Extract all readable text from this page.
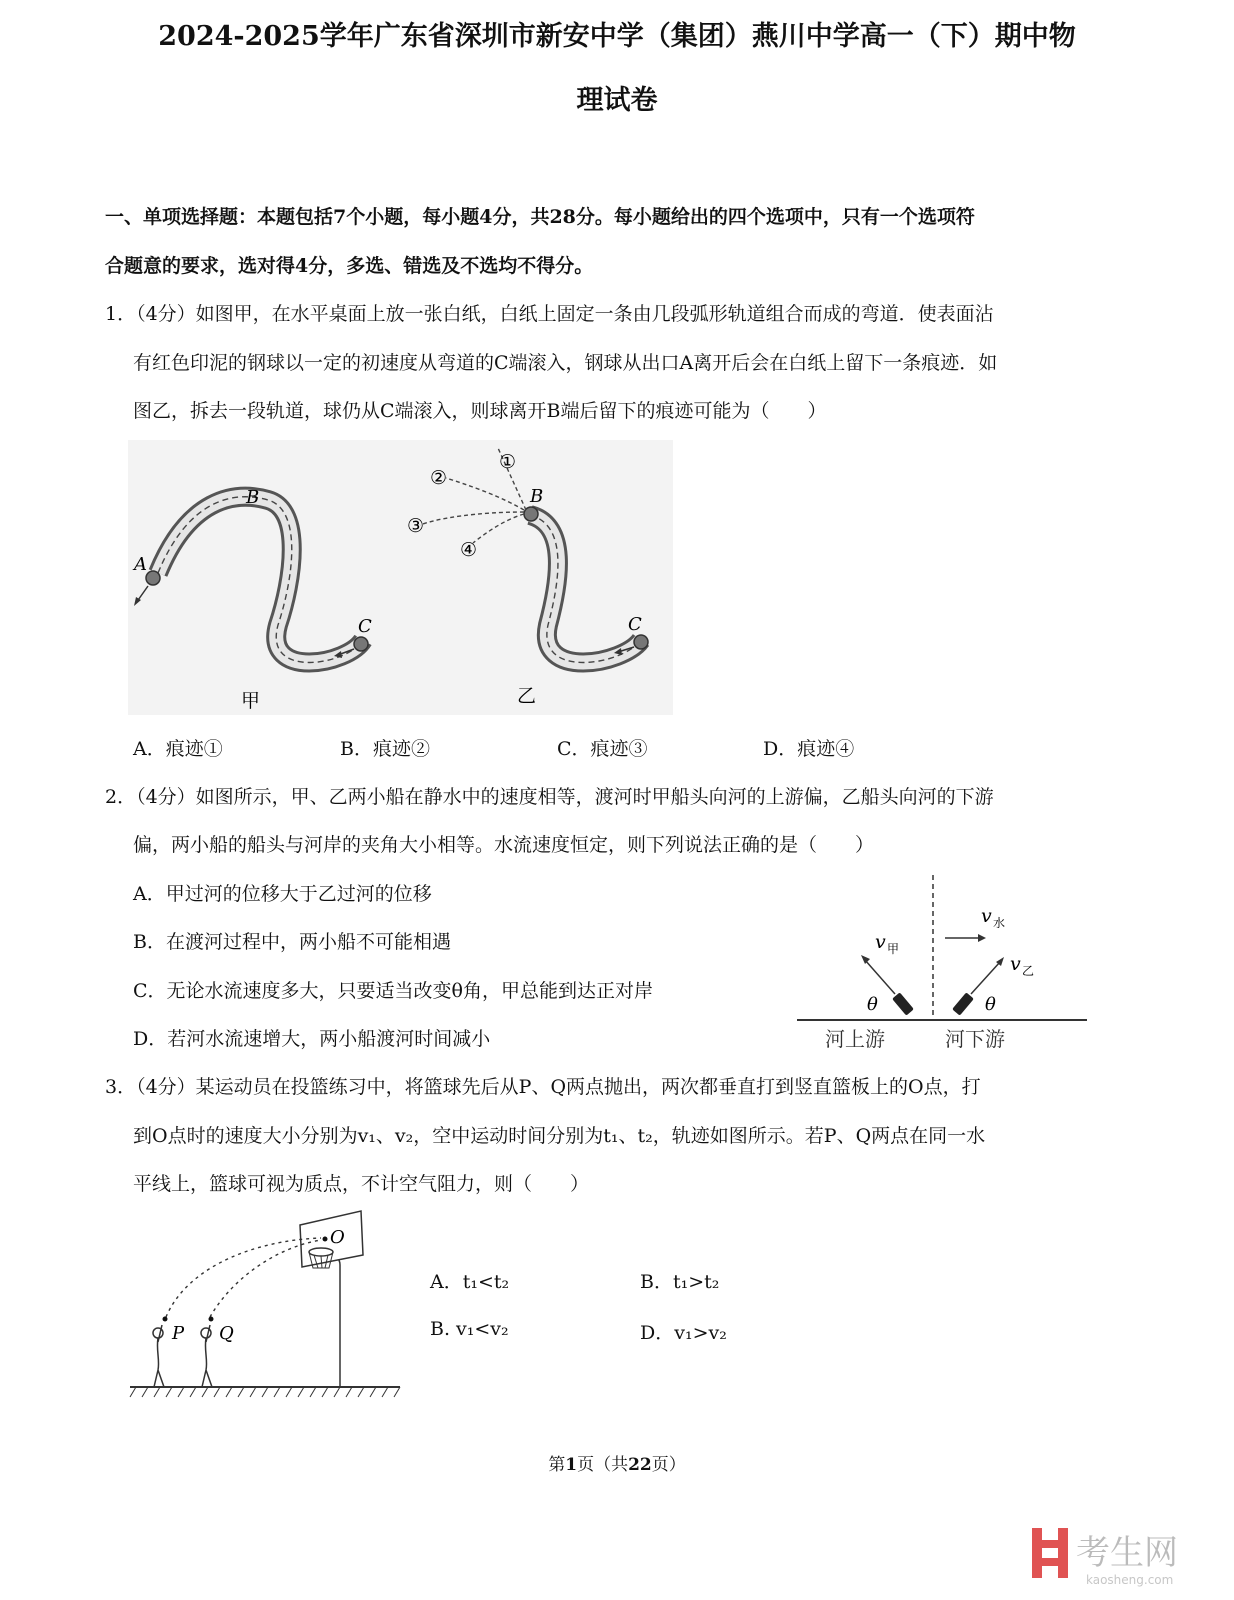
2024-2025学年广东省深圳市新安中学（集团）燕川中学高一（下）期中物
理试卷
一、单项选择题：本题包括7个小题，每小题4分，共28分。每小题给出的四个选项中，只有一个选项符
合题意的要求，选对得4分，多选、错选及不选均不得分。
1．（4分）如图甲，在水平桌面上放一张白纸，白纸上固定一条由几段弧形轨道组合而成的弯道．使表面沾
有红色印泥的钢球以一定的初速度从弯道的C端滚入，钢球从出口A离开后会在白纸上留下一条痕迹．如
图乙，拆去一段轨道，球仍从C端滚入，则球离开B端后留下的痕迹可能为（　　）
A
B
C
甲
B
C
乙
①
②
③
④
A．痕迹①	B．痕迹②	C．痕迹③	D．痕迹④
2．（4分）如图所示，甲、乙两小船在静水中的速度相等，渡河时甲船头向河的上游偏，乙船头向河的下游
偏，两小船的船头与河岸的夹角大小相等。水流速度恒定，则下列说法正确的是（　　）
A．甲过河的位移大于乙过河的位移
B．在渡河过程中，两小船不可能相遇
C．无论水流速度多大，只要适当改变θ角，甲总能到达正对岸
D．若河水流速增大，两小船渡河时间减小
v 水
v 甲
θ
v 乙
θ
河上游	河下游
3．（4分）某运动员在投篮练习中，将篮球先后从P、Q两点抛出，两次都垂直打到竖直篮板上的O点，打
到O点时的速度大小分别为v₁、v₂，空中运动时间分别为t₁、t₂，轨迹如图所示。若P、Q两点在同一水
平线上，篮球可视为质点，不计空气阻力，则（　　）
O
P Q
A．t₁<t₂	B．t₁>t₂
B. v₁<v₂	D．v₁>v₂
第1页（共22页）
考生网
kaosheng.com
